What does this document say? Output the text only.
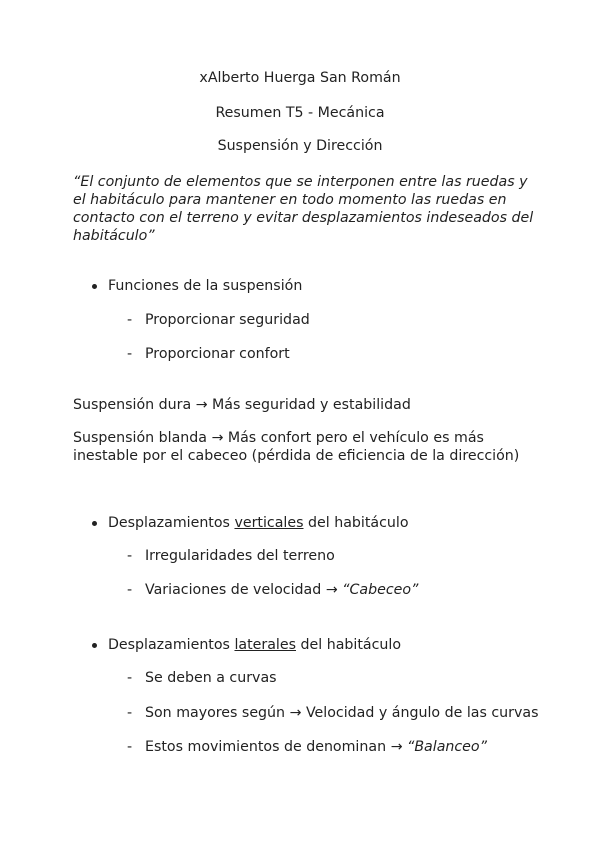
xAlberto Huerga San Román
Resumen T5 - Mecánica
Suspensión y Dirección
“El conjunto de elementos que se interponen entre las ruedas y el habitáculo para mantener en todo momento las ruedas en contacto con el terreno y evitar desplazamientos indeseados del habitáculo”
Funciones de la suspensión
- Proporcionar seguridad
- Proporcionar confort
Suspensión dura → Más seguridad y estabilidad
Suspensión blanda → Más confort pero el vehículo es más inestable por el cabeceo (pérdida de eficiencia de la dirección)
Desplazamientos verticales del habitáculo
- Irregularidades del terreno
- Variaciones de velocidad → “Cabeceo”
Desplazamientos laterales del habitáculo
- Se deben a curvas
- Son mayores según → Velocidad y ángulo de las curvas
- Estos movimientos de denominan → “Balanceo”
